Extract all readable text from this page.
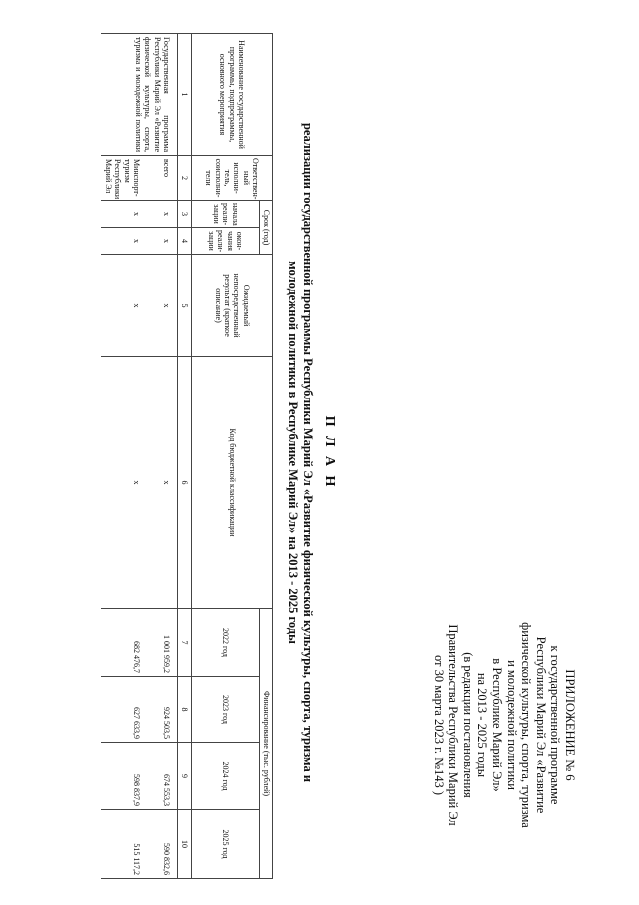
ПРИЛОЖЕНИЕ № 6
к государственной программе
Республики Марий Эл «Развитие
физической культуры, спорта, туризма
и молодежной политики
в Республике Марий Эл»
на 2013 - 2025 годы
(в редакции постановления
Правительства Республики Марий Эл
от 30 марта 2023 г. №143 )
П Л А Н
реализации государственной программы Республики Марий Эл «Развитие физической культуры, спорта, туризма и
молодежной политики в Республике Марий Эл» на 2013 - 2025 годы
Наименование государственной программы, подпрограммы, основного мероприятия	Ответствен-ный исполни-тель, соисполни-тели	Срок (год)		Ожидаемый непосредственный результат (краткое описание)	Код бюджетной классификации	Финансирование (тыс. рублей)			
		начала реали-зации	окон-чания реали-зации			2022 год	2023 год	2024 год	2025 год
1	2	3	4	5	6	7	8	9	10
Государственная программа Республики Марий Эл «Развитие физической культуры, спорта, туризма и молодежной политики	всего	х	х	х	х	1 001 959,2	924 503,5	674 553,3	590 832,6
	Минспорт-туризм Республики Марий Эл	х	х	х	х	682 476,7	627 633,9	598 837,9	515 117,2
